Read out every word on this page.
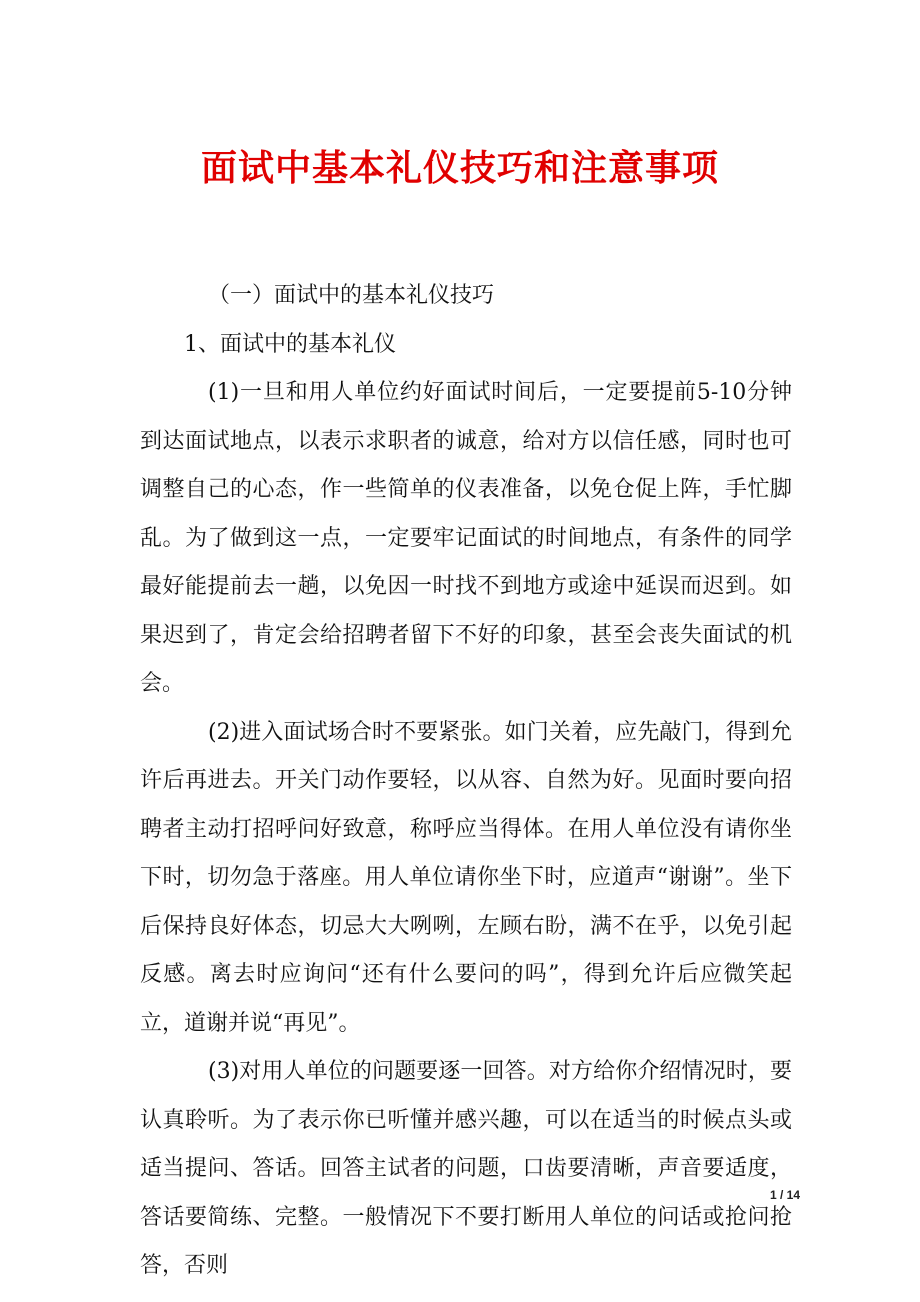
面试中基本礼仪技巧和注意事项

（一）面试中的基本礼仪技巧

1、面试中的基本礼仪

(1)一旦和用人单位约好面试时间后，一定要提前5-10分钟到达面试地点，以表示求职者的诚意，给对方以信任感，同时也可调整自己的心态，作一些简单的仪表准备，以免仓促上阵，手忙脚乱。为了做到这一点，一定要牢记面试的时间地点，有条件的同学最好能提前去一趟，以免因一时找不到地方或途中延误而迟到。如果迟到了，肯定会给招聘者留下不好的印象，甚至会丧失面试的机会。

(2)进入面试场合时不要紧张。如门关着，应先敲门，得到允许后再进去。开关门动作要轻，以从容、自然为好。见面时要向招聘者主动打招呼问好致意，称呼应当得体。在用人单位没有请你坐下时，切勿急于落座。用人单位请你坐下时，应道声“谢谢”。坐下后保持良好体态，切忌大大咧咧，左顾右盼，满不在乎，以免引起反感。离去时应询问“还有什么要问的吗”，得到允许后应微笑起立，道谢并说“再见”。

(3)对用人单位的问题要逐一回答。对方给你介绍情况时，要认真聆听。为了表示你已听懂并感兴趣，可以在适当的时候点头或适当提问、答话。回答主试者的问题，口齿要清晰，声音要适度，答话要简练、完整。一般情况下不要打断用人单位的问话或抢问抢答，否则

1 / 14
